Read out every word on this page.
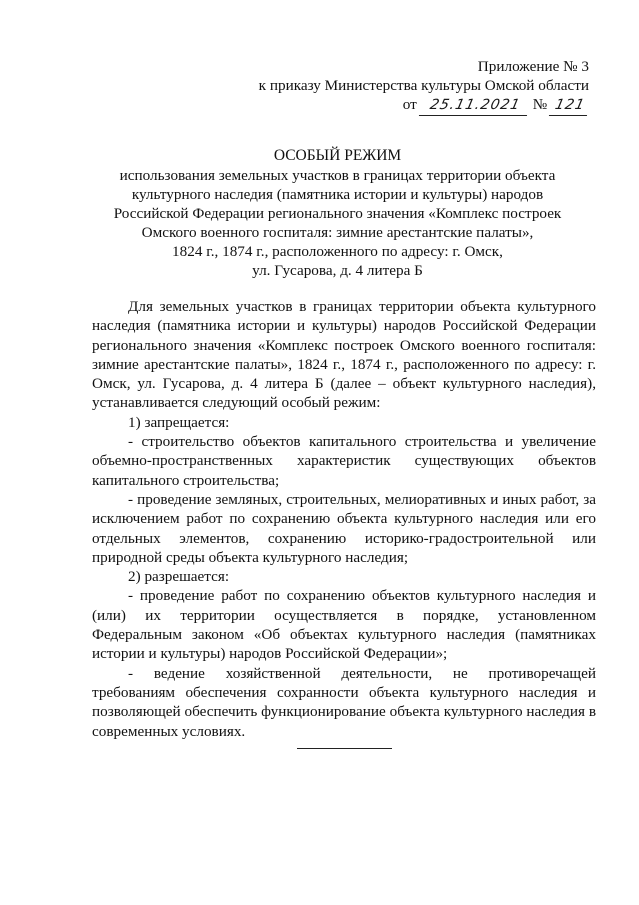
Приложение № 3
к приказу Министерства культуры Омской области
от 25.11.2021 № 121
ОСОБЫЙ РЕЖИМ
использования земельных участков в границах территории объекта
культурного наследия (памятника истории и культуры) народов
Российской Федерации регионального значения «Комплекс построек
Омского военного госпиталя: зимние арестантские палаты»,
1824 г., 1874 г., расположенного по адресу: г. Омск,
ул. Гусарова, д. 4 литера Б

Для земельных участков в границах территории объекта культурного наследия (памятника истории и культуры) народов Российской Федерации регионального значения «Комплекс построек Омского военного госпиталя: зимние арестантские палаты», 1824 г., 1874 г., расположенного по адресу: г. Омск, ул. Гусарова, д. 4 литера Б (далее – объект культурного наследия), устанавливается следующий особый режим:

1) запрещается:

- строительство объектов капитального строительства и увеличение объемно-пространственных характеристик существующих объектов капитального строительства;

- проведение земляных, строительных, мелиоративных и иных работ, за исключением работ по сохранению объекта культурного наследия или его отдельных элементов, сохранению историко-градостроительной или природной среды объекта культурного наследия;

2) разрешается:

- проведение работ по сохранению объектов культурного наследия и (или) их территории осуществляется в порядке, установленном Федеральным законом «Об объектах культурного наследия (памятниках истории и культуры) народов Российской Федерации»;

- ведение хозяйственной деятельности, не противоречащей требованиям обеспечения сохранности объекта культурного наследия и позволяющей обеспечить функционирование объекта культурного наследия в современных условиях.
